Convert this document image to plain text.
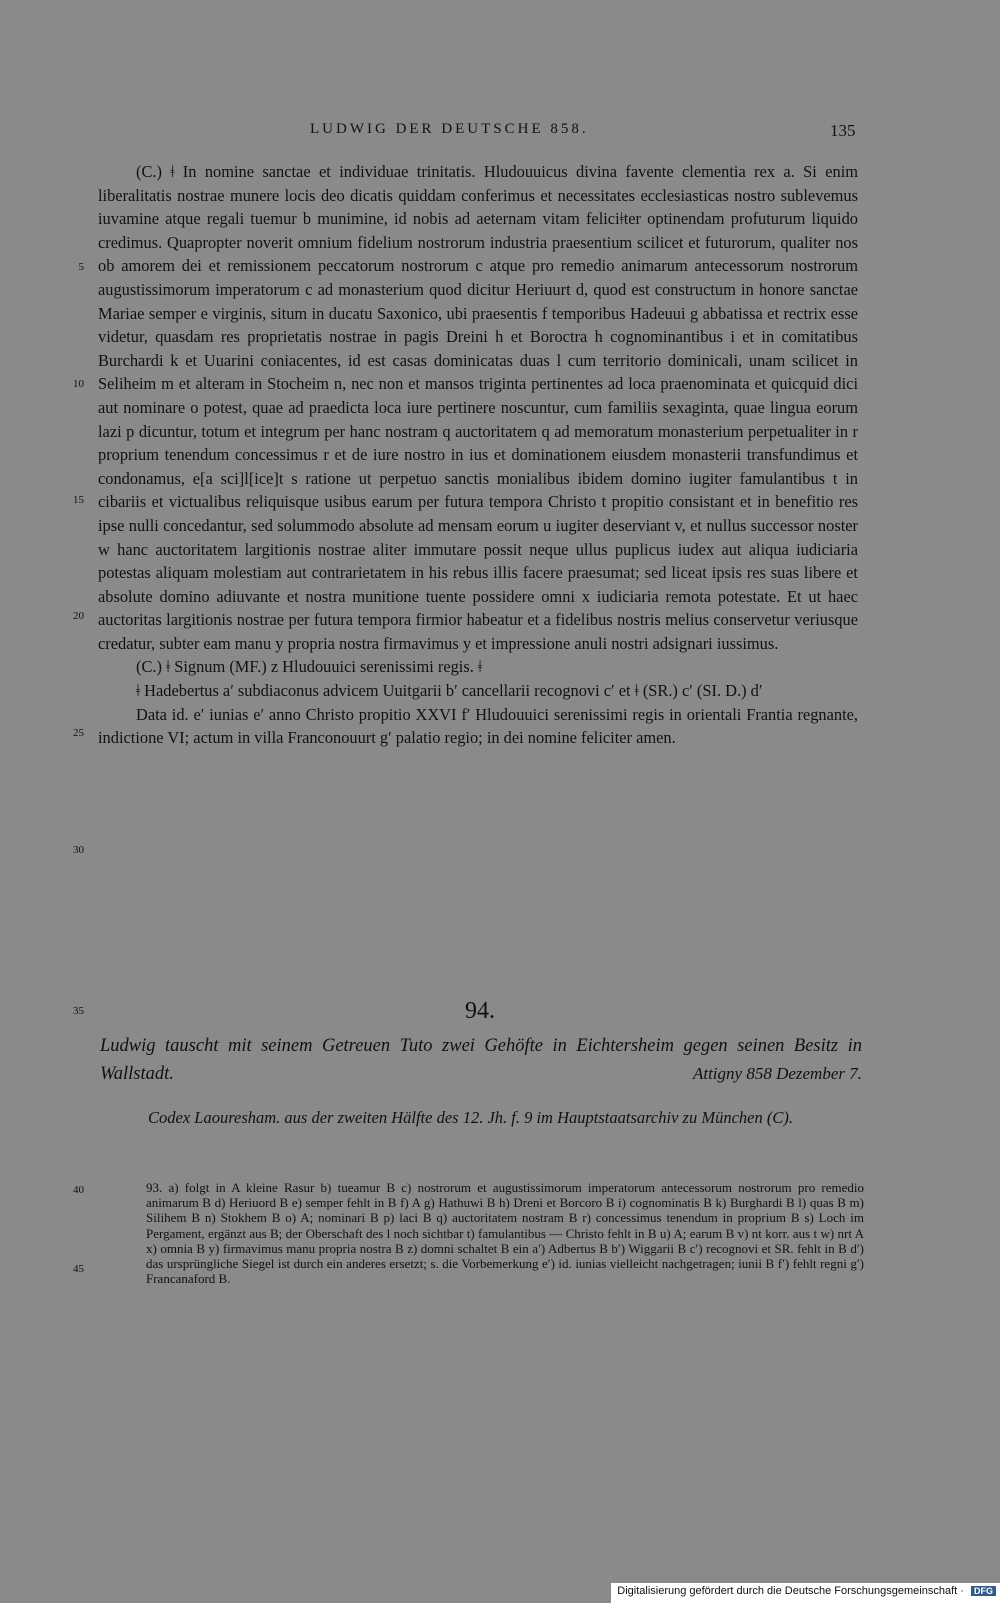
LUDWIG DER DEUTSCHE 858.	135
5
10
15
20
25
30
35
40
45

(C.) ǂ In nomine sanctae et individuae trinitatis. Hludouuicus divina favente clementia rex a. Si enim liberalitatis nostrae munere locis deo dicatis quiddam conferimus et necessitates ecclesiasticas nostro sublevemus iuvamine atque regali tuemur b munimine, id nobis ad aeternam vitam feliciǂter optinendam profuturum liquido credimus. Quapropter noverit omnium fidelium nostrorum industria praesentium scilicet et futurorum, qualiter nos ob amorem dei et remissionem peccatorum nostrorum c atque pro remedio animarum antecessorum nostrorum augustissimorum imperatorum c ad monasterium quod dicitur Heriuurt d, quod est constructum in honore sanctae Mariae semper e virginis, situm in ducatu Saxonico, ubi praesentis f temporibus Hadeuui g abbatissa et rectrix esse videtur, quasdam res proprietatis nostrae in pagis Dreini h et Boroctra h cognominantibus i et in comitatibus Burchardi k et Uuarini coniacentes, id est casas dominicatas duas l cum territorio dominicali, unam scilicet in Seliheim m et alteram in Stocheim n, nec non et mansos triginta pertinentes ad loca praenominata et quicquid dici aut nominare o potest, quae ad praedicta loca iure pertinere noscuntur, cum familiis sexaginta, quae lingua eorum lazi p dicuntur, totum et integrum per hanc nostram q auctoritatem q ad memoratum monasterium perpetualiter in r proprium tenendum concessimus r et de iure nostro in ius et dominationem eiusdem monasterii transfundimus et condonamus, e[a sci]l[ice]t s ratione ut perpetuo sanctis monialibus ibidem domino iugiter famulantibus t in cibariis et victualibus reliquisque usibus earum per futura tempora Christo t propitio consistant et in benefitio res ipse nulli concedantur, sed solummodo absolute ad mensam eorum u iugiter deserviant v, et nullus successor noster w hanc auctoritatem largitionis nostrae aliter immutare possit neque ullus puplicus iudex aut aliqua iudiciaria potestas aliquam molestiam aut contrarietatem in his rebus illis facere praesumat; sed liceat ipsis res suas libere et absolute domino adiuvante et nostra munitione tuente possidere omni x iudiciaria remota potestate. Et ut haec auctoritas largitionis nostrae per futura tempora firmior habeatur et a fidelibus nostris melius conservetur veriusque credatur, subter eam manu y propria nostra firmavimus y et impressione anuli nostri adsignari iussimus.

(C.) ǂ Signum (MF.) z Hludouuici serenissimi regis. ǂ

ǂ Hadebertus a′ subdiaconus advicem Uuitgarii b′ cancellarii recognovi c′ et ǂ (SR.) c′ (SI. D.) d′

Data id. e′ iunias e′ anno Christo propitio XXVI f′ Hludouuici serenissimi regis in orientali Frantia regnante, indictione VI; actum in villa Franconouurt g′ palatio regio; in dei nomine feliciter amen.

94.
Ludwig tauscht mit seinem Getreuen Tuto zwei Gehöfte in Eichtersheim gegen seinen Besitz in Wallstadt.	Attigny 858 Dezember 7.
Codex Laouresham. aus der zweiten Hälfte des 12. Jh. f. 9 im Hauptstaatsarchiv zu München (C).
93. a) folgt in A kleine Rasur b) tueamur B c) nostrorum et augustissimorum imperatorum antecessorum nostrorum pro remedio animarum B d) Heriuord B e) semper fehlt in B f) A g) Hathuwi B h) Dreni et Borcoro B i) cognominatis B k) Burghardi B l) quas B m) Silihem B n) Stokhem B o) A; nominari B p) laci B q) auctoritatem nostram B r) concessimus tenendum in proprium B s) Loch im Pergament, ergänzt aus B; der Oberschaft des l noch sichtbar t) famulantibus — Christo fehlt in B u) A; earum B v) nt korr. aus t w) nrt A x) omnia B y) firmavimus manu propria nostra B z) domni schaltet B ein a′) Adbertus B b′) Wiggarii B c′) recognovi et SR. fehlt in B d′) das ursprüngliche Siegel ist durch ein anderes ersetzt; s. die Vorbemerkung e′) id. iunias vielleicht nachgetragen; iunii B f′) fehlt regni g′) Francanaford B.
Digitalisierung gefördert durch die Deutsche Forschungsgemeinschaft · DFG
